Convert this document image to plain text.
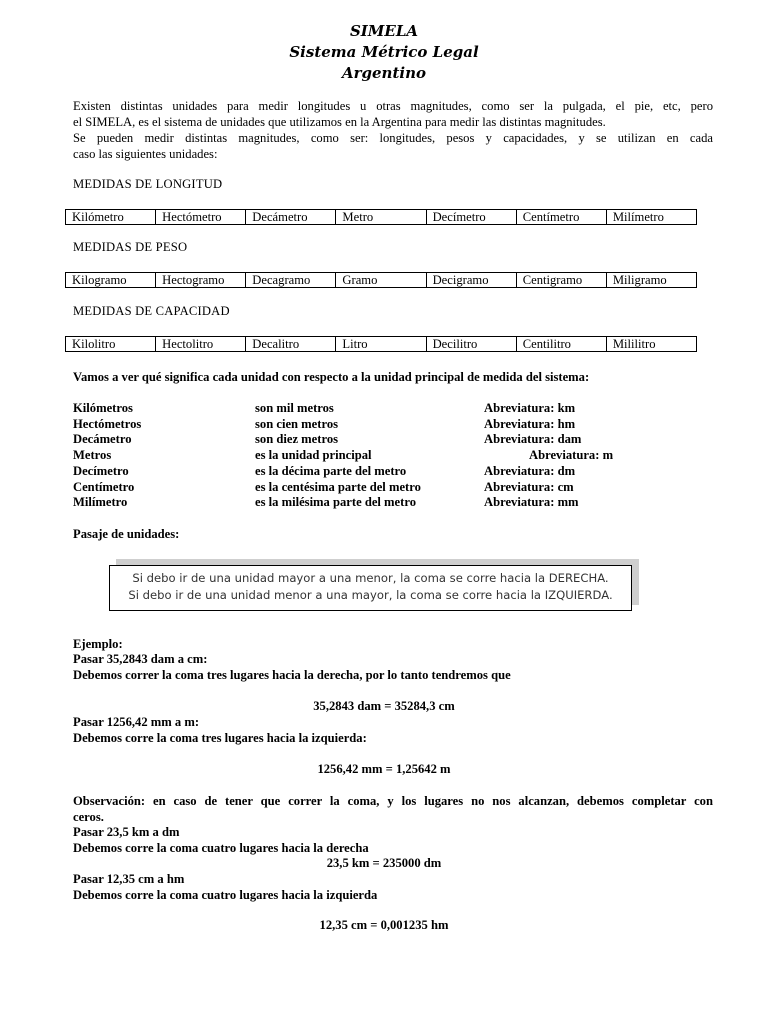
SIMELA
Sistema Métrico Legal
Argentino
Existen distintas unidades para medir longitudes u otras magnitudes, como ser la pulgada, el pie, etc, pero
el SIMELA, es el sistema de unidades que utilizamos en la Argentina para medir las distintas magnitudes.
Se pueden medir distintas magnitudes, como ser: longitudes, pesos y capacidades, y se utilizan en cada
caso las siguientes unidades:
MEDIDAS DE LONGITUD
Kilómetro	Hectómetro	Decámetro	Metro	Decímetro	Centímetro	Milímetro
MEDIDAS DE PESO
Kilogramo	Hectogramo	Decagramo	Gramo	Decigramo	Centigramo	Miligramo
MEDIDAS DE CAPACIDAD
Kilolitro	Hectolitro	Decalitro	Litro	Decilitro	Centilitro	Mililitro
Vamos a ver qué significa cada unidad con respecto a la unidad principal de medida del sistema:
Kilómetros	son mil metros	Abreviatura: km
Hectómetros	son cien metros	Abreviatura: hm
Decámetro	son diez metros	Abreviatura: dam
Metros	es la unidad principal	Abreviatura: m
Decímetro	es la décima parte del metro	Abreviatura: dm
Centímetro	es la centésima parte del metro	Abreviatura: cm
Milímetro	es la milésima parte del metro	Abreviatura: mm
Pasaje de unidades:
Si debo ir de una unidad mayor a una menor, la coma se corre hacia la DERECHA.
Si debo ir de una unidad menor a una mayor, la coma se corre hacia la IZQUIERDA.
Ejemplo:
Pasar 35,2843 dam a cm:
Debemos correr la coma tres lugares hacia la derecha, por lo tanto tendremos que
35,2843 dam = 35284,3 cm
Pasar 1256,42 mm a m:
Debemos corre la coma tres lugares hacia la izquierda:
1256,42 mm = 1,25642 m
Observación: en caso de tener que correr la coma, y los lugares no nos alcanzan, debemos completar con
ceros.
Pasar 23,5 km a dm
Debemos corre la coma cuatro lugares hacia la derecha
23,5 km = 235000 dm
Pasar 12,35 cm a hm
Debemos corre la coma cuatro lugares hacia la izquierda
12,35 cm = 0,001235 hm
